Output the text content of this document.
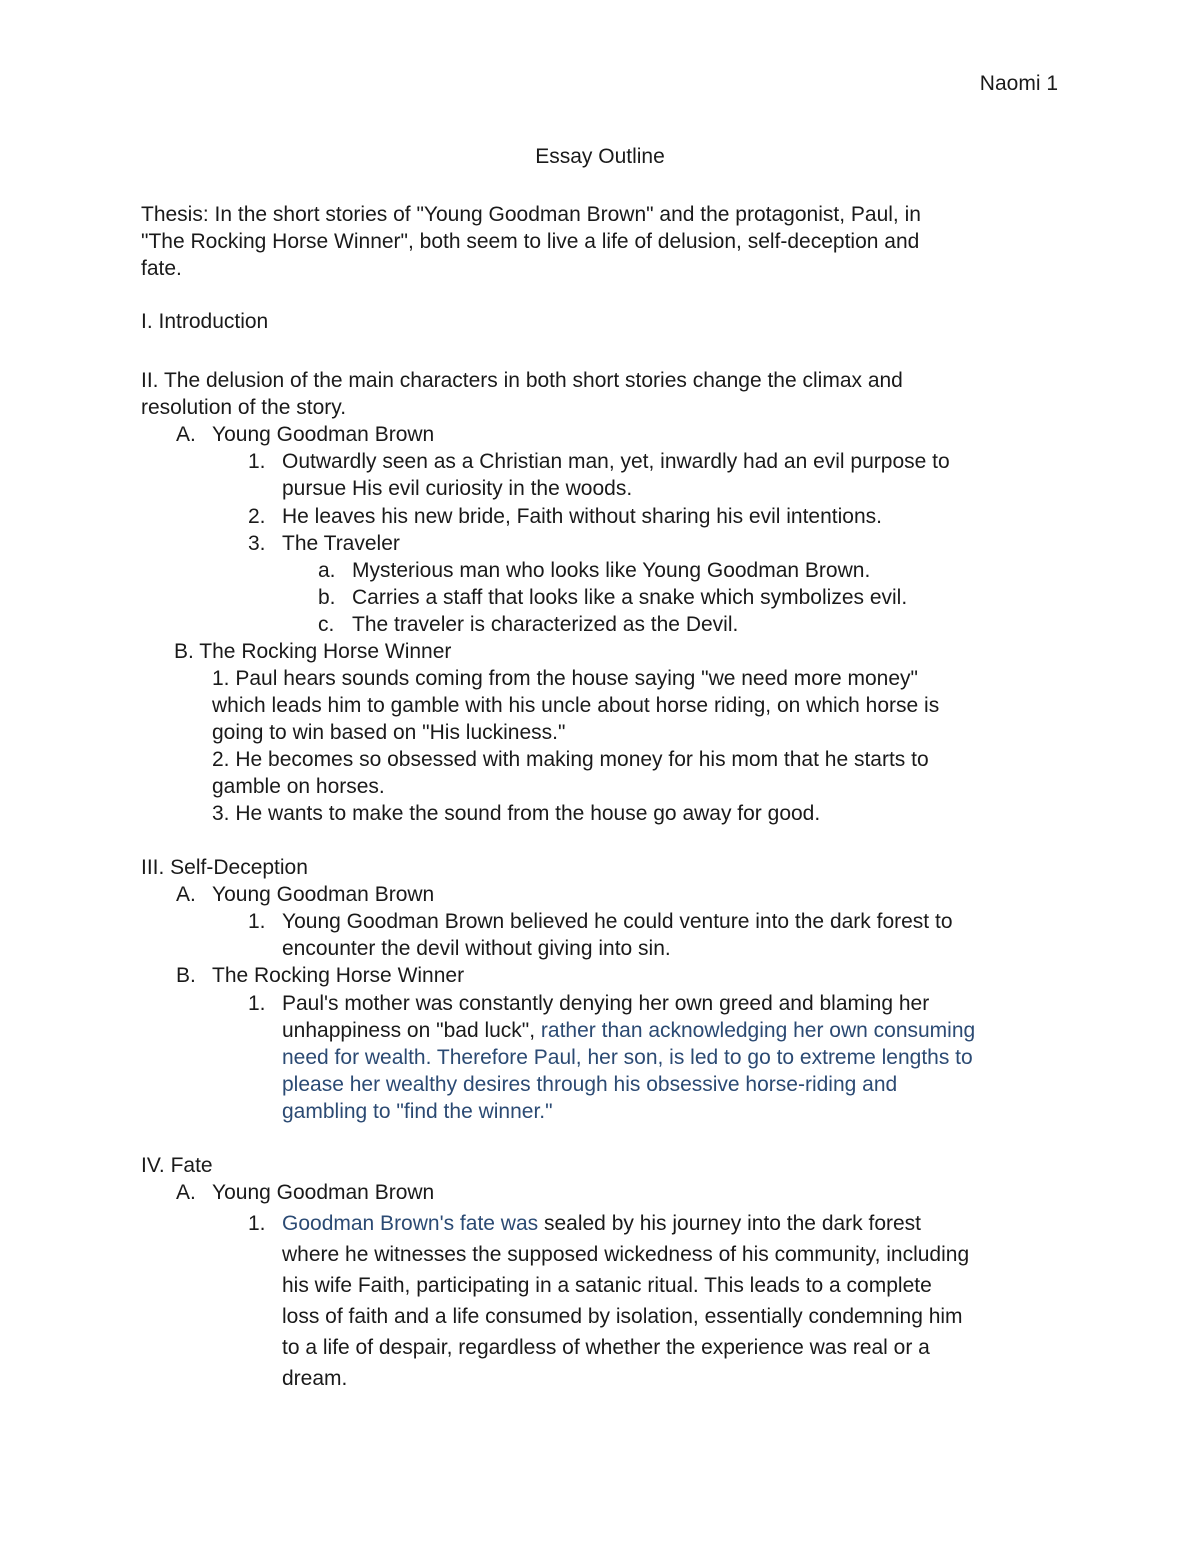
Naomi 1
Essay Outline
Thesis: In the short stories of "Young Goodman Brown" and the protagonist, Paul, in
"The Rocking Horse Winner", both seem to live a life of delusion, self-deception and
fate.
I. Introduction
II. The delusion of the main characters in both short stories change the climax and
resolution of the story.
A. Young Goodman Brown
1. Outwardly seen as a Christian man, yet, inwardly had an evil purpose to
pursue His evil curiosity in the woods.
2. He leaves his new bride, Faith without sharing his evil intentions.
3. The Traveler
a. Mysterious man who looks like Young Goodman Brown.
b. Carries a staff that looks like a snake which symbolizes evil.
c. The traveler is characterized as the Devil.
B. The Rocking Horse Winner
1. Paul hears sounds coming from the house saying "we need more money"
which leads him to gamble with his uncle about horse riding, on which horse is
going to win based on "His luckiness."
2. He becomes so obsessed with making money for his mom that he starts to
gamble on horses.
3. He wants to make the sound from the house go away for good.
III. Self-Deception
A. Young Goodman Brown
1. Young Goodman Brown believed he could venture into the dark forest to
encounter the devil without giving into sin.
B. The Rocking Horse Winner
1. Paul's mother was constantly denying her own greed and blaming her
unhappiness on "bad luck", rather than acknowledging her own consuming
need for wealth. Therefore Paul, her son, is led to go to extreme lengths to
please her wealthy desires through his obsessive horse-riding and
gambling to "find the winner."
IV. Fate
A. Young Goodman Brown
1. Goodman Brown's fate was sealed by his journey into the dark forest
where he witnesses the supposed wickedness of his community, including
his wife Faith, participating in a satanic ritual. This leads to a complete
loss of faith and a life consumed by isolation, essentially condemning him
to a life of despair, regardless of whether the experience was real or a
dream.
